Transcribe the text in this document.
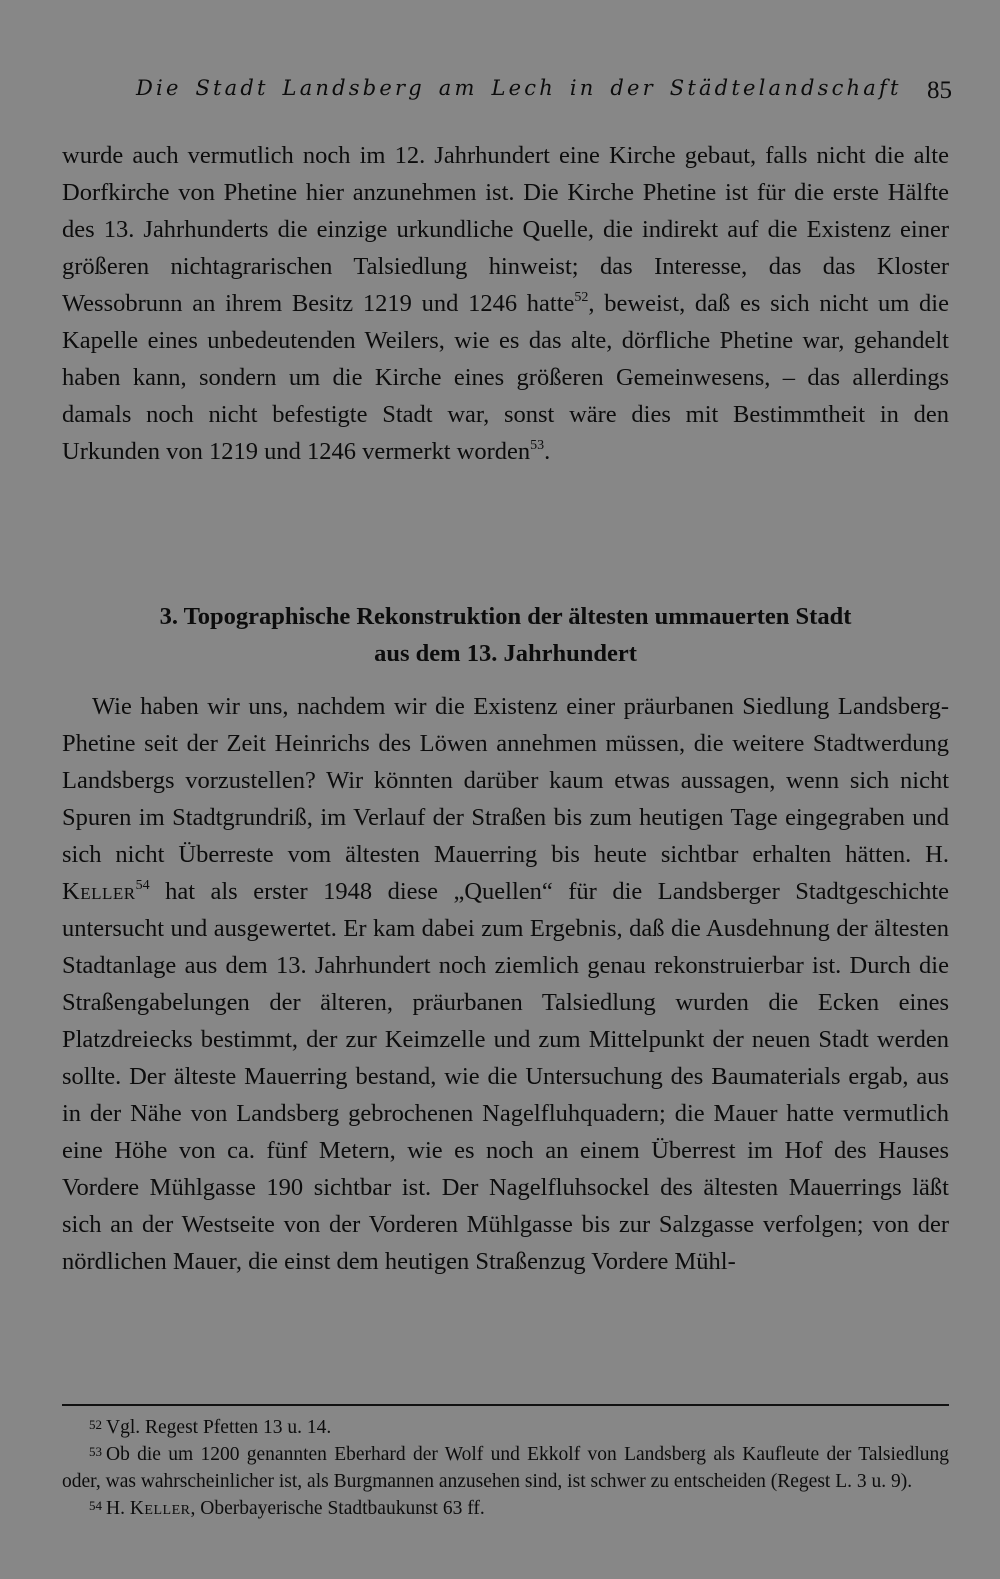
Die Stadt Landsberg am Lech in der Städtelandschaft 85

wurde auch vermutlich noch im 12. Jahrhundert eine Kirche gebaut, falls nicht die alte Dorfkirche von Phetine hier anzunehmen ist. Die Kirche Phetine ist für die erste Hälfte des 13. Jahrhunderts die einzige urkundliche Quelle, die indirekt auf die Existenz einer größeren nichtagrarischen Talsiedlung hinweist; das Interesse, das das Kloster Wessobrunn an ihrem Besitz 1219 und 1246 hatte$^{52}$, beweist, daß es sich nicht um die Kapelle eines unbedeutenden Weilers, wie es das alte, dörfliche Phetine war, gehandelt haben kann, sondern um die Kirche eines größeren Gemeinwesens, – das allerdings damals noch nicht befestigte Stadt war, sonst wäre dies mit Bestimmtheit in den Urkunden von 1219 und 1246 vermerkt worden$^{53}$.

3. Topographische Rekonstruktion der ältesten ummauerten Stadt
aus dem 13. Jahrhundert

Wie haben wir uns, nachdem wir die Existenz einer präurbanen Siedlung Landsberg-Phetine seit der Zeit Heinrichs des Löwen annehmen müssen, die weitere Stadtwerdung Landsbergs vorzustellen? Wir könnten darüber kaum etwas aussagen, wenn sich nicht Spuren im Stadtgrundriß, im Verlauf der Straßen bis zum heutigen Tage eingegraben und sich nicht Überreste vom ältesten Mauerring bis heute sichtbar erhalten hätten. H. Keller$^{54}$ hat als erster 1948 diese „Quellen“ für die Landsberger Stadtgeschichte untersucht und ausgewertet. Er kam dabei zum Ergebnis, daß die Ausdehnung der ältesten Stadtanlage aus dem 13. Jahrhundert noch ziemlich genau rekonstruierbar ist. Durch die Straßengabelungen der älteren, präurbanen Talsiedlung wurden die Ecken eines Platzdreiecks bestimmt, der zur Keimzelle und zum Mittelpunkt der neuen Stadt werden sollte. Der älteste Mauerring bestand, wie die Untersuchung des Baumaterials ergab, aus in der Nähe von Landsberg gebrochenen Nagelfluhquadern; die Mauer hatte vermutlich eine Höhe von ca. fünf Metern, wie es noch an einem Überrest im Hof des Hauses Vordere Mühlgasse 190 sichtbar ist. Der Nagelfluhsockel des ältesten Mauerrings läßt sich an der Westseite von der Vorderen Mühlgasse bis zur Salzgasse verfolgen; von der nördlichen Mauer, die einst dem heutigen Straßenzug Vordere Mühl-

$^{52}$ Vgl. Regest Pfetten 13 u. 14.

$^{53}$ Ob die um 1200 genannten Eberhard der Wolf und Ekkolf von Landsberg als Kaufleute der Talsiedlung oder, was wahrscheinlicher ist, als Burgmannen anzusehen sind, ist schwer zu entscheiden (Regest L. 3 u. 9).

$^{54}$ H. Keller, Oberbayerische Stadtbaukunst 63 ff.
